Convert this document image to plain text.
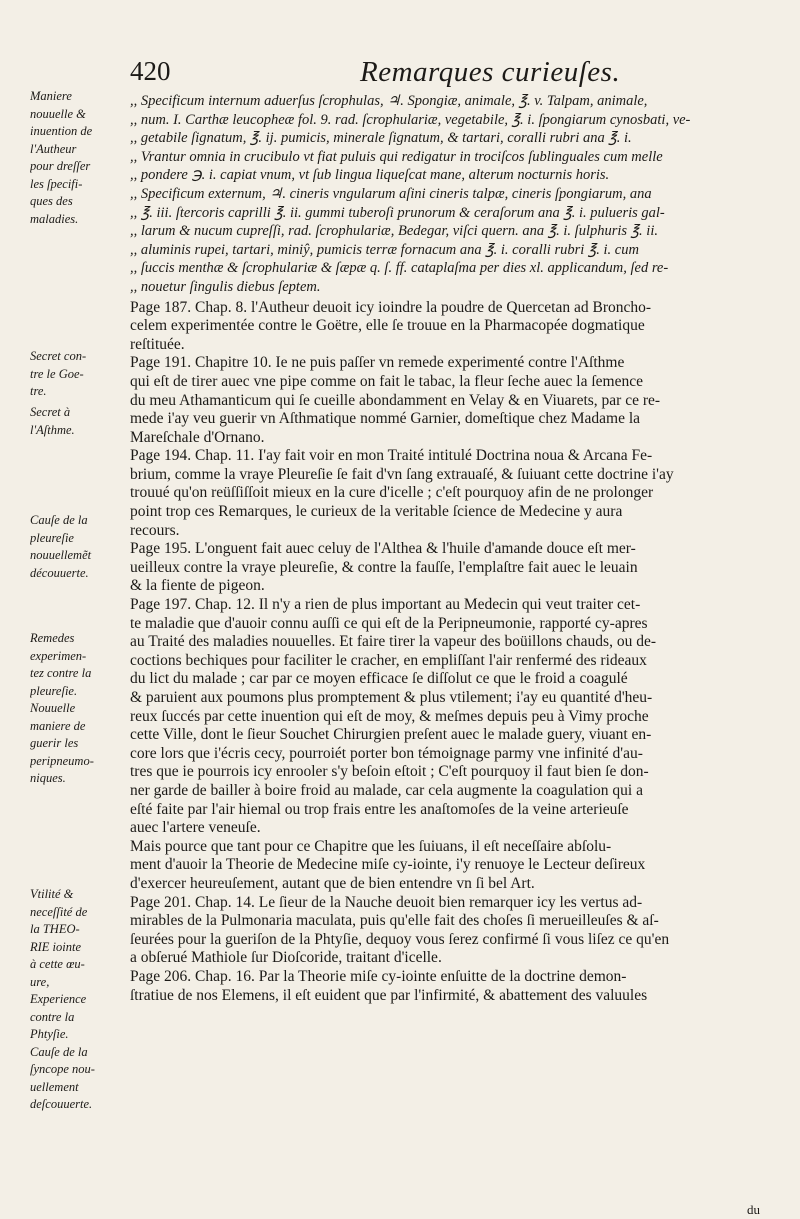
420	Remarques curieuſes.
Maniere
nouuelle &
inuention de
l'Autheur
pour dreſſer
les ſpecifi-
ques des
maladies.
Secret con-
tre le Goe-
tre.
Secret à
l'Aſthme.
Cauſe de la
pleureſie
nouuellemẽt
découuerte.
Remedes
experimen-
tez contre la
pleureſie.
Nouuelle
maniere de
guerir les
peripneumo-
niques.
Vtilité &
neceſſité de
la THEO-
RIE iointe
à cette œu-
ure,
Experience
contre la
Phtyſie.
Cauſe de la
ſyncope nou-
uellement
deſcouuerte.
,, Specificum internum aduerſus ſcrophulas, ♃. Spongiæ, animale, ℥. v. Talpam, animale,
,, num. I. Carthæ leucopheæ fol. 9. rad. ſcrophulariæ, vegetabile, ℥. i. ſpongiarum cynosbati, ve-
,, getabile ſignatum, ℥. ij. pumicis, minerale ſignatum, & tartari, coralli rubri ana ℥. i.
,, Vrantur omnia in crucibulo vt fiat puluis qui redigatur in trociſcos ſublinguales cum melle
,, pondere ℈. i. capiat vnum, vt ſub lingua liqueſcat mane, alterum nocturnis horis.
,, Specificum externum, ♃. cineris vngularum aſini cineris talpæ, cineris ſpongiarum, ana
,, ℥. iii. ſtercoris caprilli ℥. ii. gummi tuberoſi prunorum & ceraſorum ana ℥. i. pulueris gal-
,, larum & nucum cupreſſi, rad. ſcrophulariæ, Bedegar, viſci quern. ana ℥. i. ſulphuris ℥. ii.
,, aluminis rupei, tartari, miniŷ, pumicis terræ fornacum ana ℥. i. coralli rubri ℥. i. cum
,, ſuccis menthæ & ſcrophulariæ & ſæpæ q. ſ. ff. cataplaſma per dies xl. applicandum, ſed re-
,, nouetur ſingulis diebus ſeptem.
Page 187. Chap. 8. l'Autheur deuoit icy ioindre la poudre de Quercetan ad Broncho-
celem experimentée contre le Goëtre, elle ſe trouue en la Pharmacopée dogmatique
reſtituée.
Page 191. Chapitre 10. Ie ne puis paſſer vn remede experimenté contre l'Aſthme
qui eſt de tirer auec vne pipe comme on fait le tabac, la fleur ſeche auec la ſemence
du meu Athamanticum qui ſe cueille abondamment en Velay & en Viuarets, par ce re-
mede i'ay veu guerir vn Aſthmatique nommé Garnier, domeſtique chez Madame la
Mareſchale d'Ornano.
Page 194. Chap. 11. I'ay fait voir en mon Traité intitulé Doctrina noua & Arcana Fe-
brium, comme la vraye Pleureſie ſe fait d'vn ſang extrauaſé, & ſuiuant cette doctrine i'ay
trouué qu'on reüſſiſſoit mieux en la cure d'icelle ; c'eſt pourquoy afin de ne prolonger
point trop ces Remarques, le curieux de la veritable ſcience de Medecine y aura
recours.
Page 195. L'onguent fait auec celuy de l'Althea & l'huile d'amande douce eſt mer-
ueilleux contre la vraye pleureſie, & contre la fauſſe, l'emplaſtre fait auec le leuain
& la fiente de pigeon.
Page 197. Chap. 12. Il n'y a rien de plus important au Medecin qui veut traiter cet-
te maladie que d'auoir connu auſſi ce qui eſt de la Peripneumonie, rapporté cy-apres
au Traité des maladies nouuelles. Et faire tirer la vapeur des boüillons chauds, ou de-
coctions bechiques pour faciliter le cracher, en empliſſant l'air renfermé des rideaux
du lict du malade ; car par ce moyen efficace ſe diſſolut ce que le froid a coagulé
& paruient aux poumons plus promptement & plus vtilement; i'ay eu quantité d'heu-
reux ſuccés par cette inuention qui eſt de moy, & meſmes depuis peu à Vimy proche
cette Ville, dont le ſieur Souchet Chirurgien preſent auec le malade guery, viuant en-
core lors que i'écris cecy, pourroiét porter bon témoignage parmy vne infinité d'au-
tres que ie pourrois icy enrooler s'y beſoin eſtoit ; C'eſt pourquoy il faut bien ſe don-
ner garde de bailler à boire froid au malade, car cela augmente la coagulation qui a
eſté faite par l'air hiemal ou trop frais entre les anaſtomoſes de la veine arterieuſe
auec l'artere veneuſe.
Mais pource que tant pour ce Chapitre que les ſuiuans, il eſt neceſſaire abſolu-
ment d'auoir la Theorie de Medecine miſe cy-iointe, i'y renuoye le Lecteur deſireux
d'exercer heureuſement, autant que de bien entendre vn ſi bel Art.
Page 201. Chap. 14. Le ſieur de la Nauche deuoit bien remarquer icy les vertus ad-
mirables de la Pulmonaria maculata, puis qu'elle fait des choſes ſi merueilleuſes & aſ-
ſeurées pour la gueriſon de la Phtyſie, dequoy vous ſerez confirmé ſi vous liſez ce qu'en
a obſerué Mathiole ſur Dioſcoride, traitant d'icelle.
Page 206. Chap. 16. Par la Theorie miſe cy-iointe enſuitte de la doctrine demon-
ſtratiue de nos Elemens, il eſt euident que par l'infirmité, & abattement des valuules
du
